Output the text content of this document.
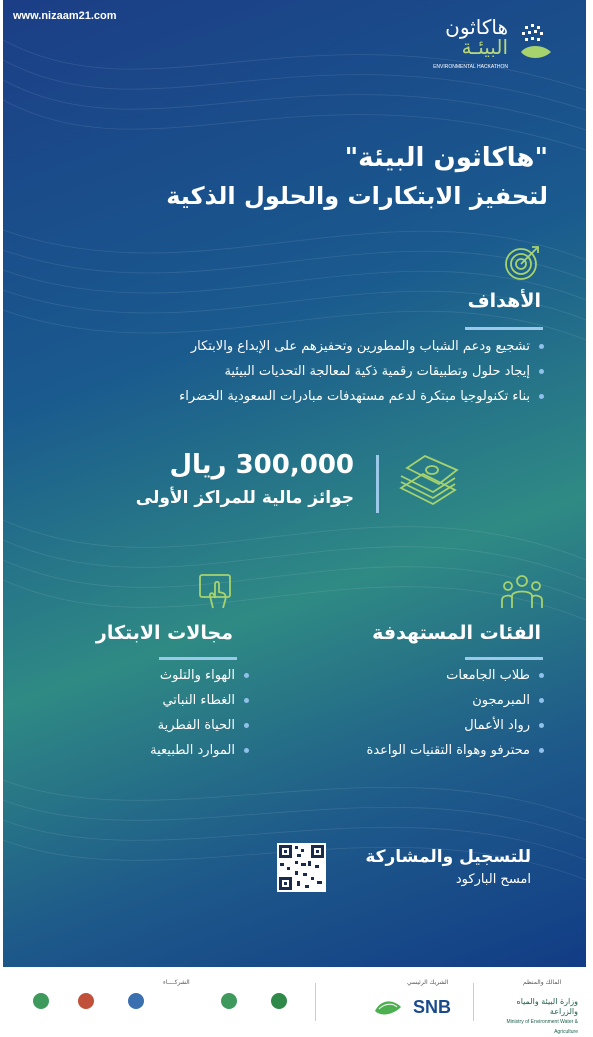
www.nizaam21.com	هاكاثون
البيئـة
ENVIRONMENTAL HACKATHON
"هاكاثون البيئة"
لتحفيز الابتكارات والحلول الذكية
الأهداف
تشجيع ودعم الشباب والمطورين وتحفيزهم على الإبداع والابتكار
إيجاد حلول وتطبيقات رقمية ذكية لمعالجة التحديات البيئية
بناء تكنولوجيا مبتكرة لدعم مستهدفات مبادرات السعودية الخضراء
300,000 ريال
جوائز مالية للمراكز الأولى
الفئات المستهدفة
طلاب الجامعات
المبرمجون
رواد الأعمال
محترفو وهواة التقنيات الواعدة
مجالات الابتكار
الهواء والتلوث
الغطاء النباتي
الحياة الفطرية
الموارد الطبيعية
للتسجيل والمشاركة
امسح الباركود
المالك والمنظم
الشريك الرئيسي
الشركــــاء
وزارة البيئة والمياه والزراعة
Ministry of Environment Water & Agriculture
SNB
